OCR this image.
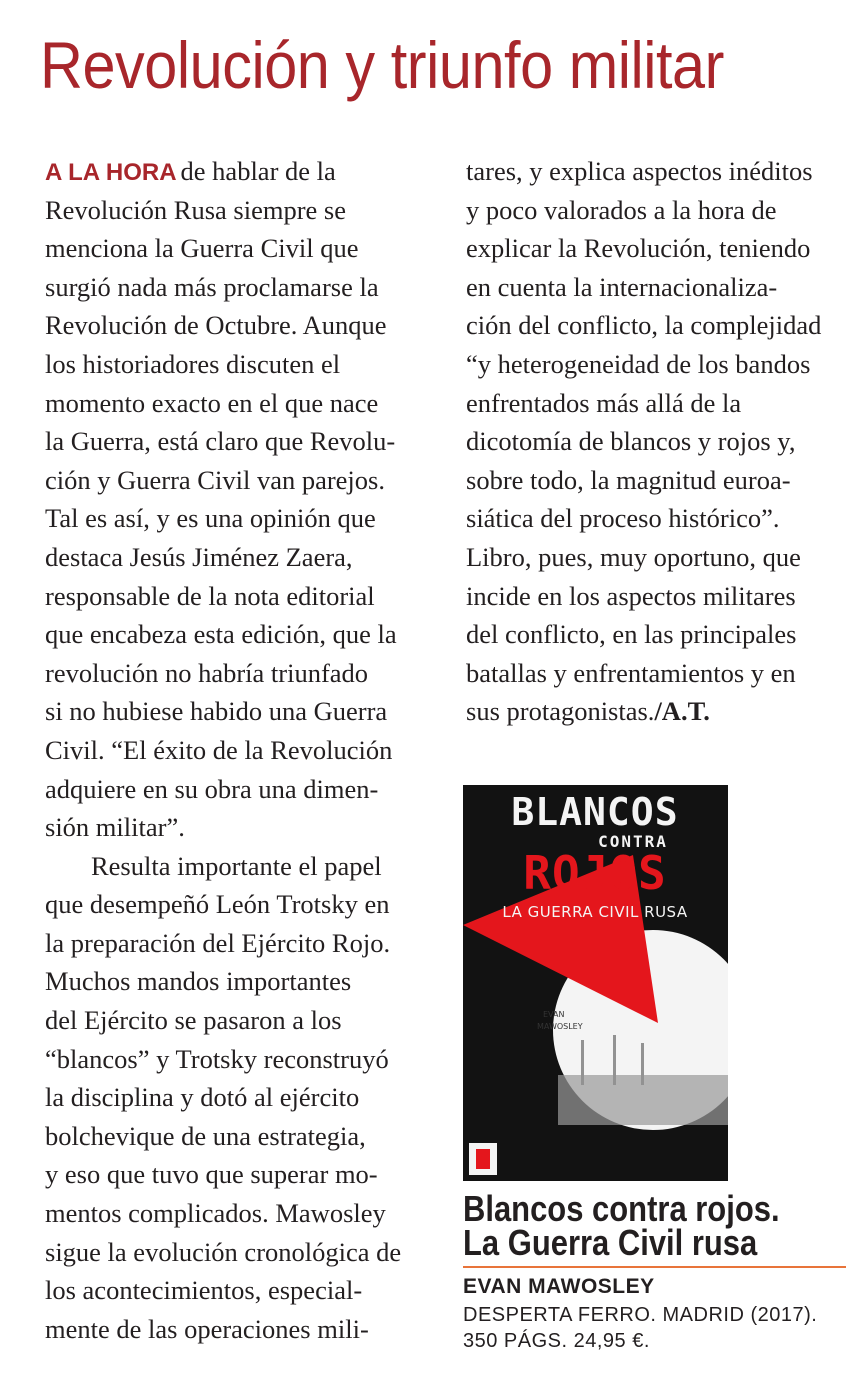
Revolución y triunfo militar
A LA HORA de hablar de la
Revolución Rusa siempre se
menciona la Guerra Civil que
surgió nada más proclamarse la
Revolución de Octubre. Aunque
los historiadores discuten el
momento exacto en el que nace
la Guerra, está claro que Revolu-
ción y Guerra Civil van parejos.
Tal es así, y es una opinión que
destaca Jesús Jiménez Zaera,
responsable de la nota editorial
que encabeza esta edición, que la
revolución no habría triunfado
si no hubiese habido una Guerra
Civil. “El éxito de la Revolución
adquiere en su obra una dimen-
sión militar”.
Resulta importante el papel
que desempeñó León Trotsky en
la preparación del Ejército Rojo.
Muchos mandos importantes
del Ejército se pasaron a los
“blancos” y Trotsky reconstruyó
la disciplina y dotó al ejército
bolchevique de una estrategia,
y eso que tuvo que superar mo-
mentos complicados. Mawosley
sigue la evolución cronológica de
los acontecimientos, especial-
mente de las operaciones mili-
tares, y explica aspectos inéditos
y poco valorados a la hora de
explicar la Revolución, teniendo
en cuenta la internacionaliza-
ción del conflicto, la complejidad
“y heterogeneidad de los bandos
enfrentados más allá de la
dicotomía de blancos y rojos y,
sobre todo, la magnitud euroa-
siática del proceso histórico”.
Libro, pues, muy oportuno, que
incide en los aspectos militares
del conflicto, en las principales
batallas y enfrentamientos y en
sus protagonistas./A.T.
BLANCOS
CONTRA
ROJOS
LA GUERRA CIVIL RUSA
EVAN
MAWOSLEY
Blancos contra rojos.
La Guerra Civil rusa
EVAN MAWOSLEY
DESPERTA FERRO. MADRID (2017).
350 PÁGS. 24,95 €.
